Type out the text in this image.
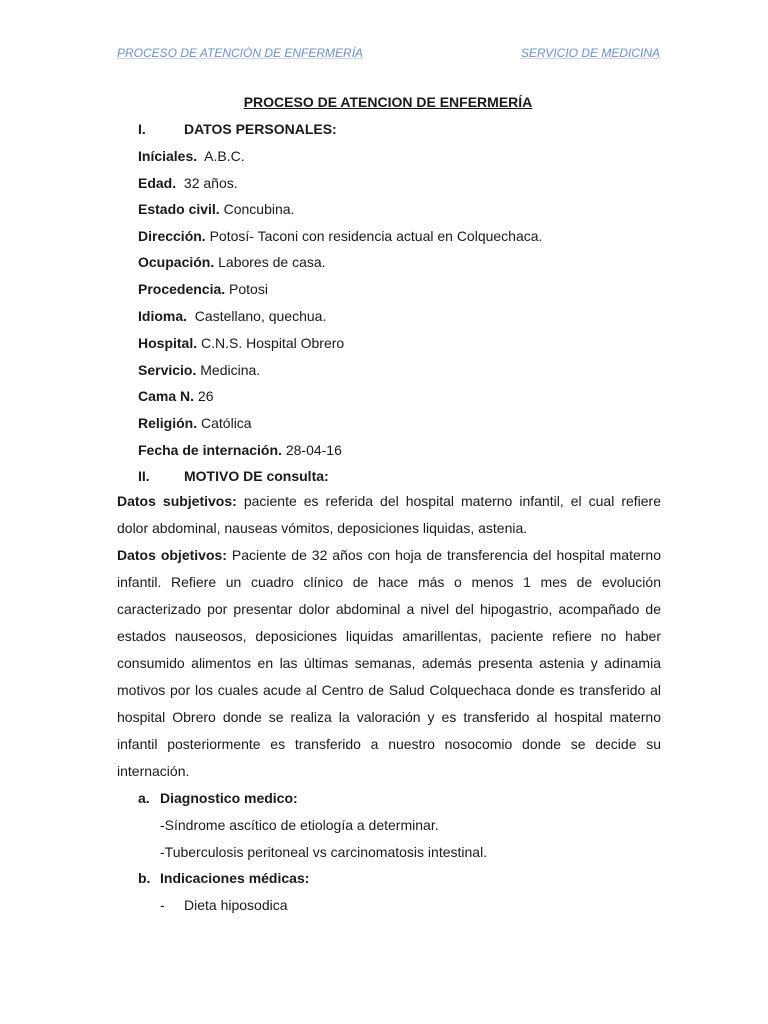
PROCESO DE ATENCIÓN DE ENFERMERÍA	SERVICIO DE MEDICINA
PROCESO DE ATENCION DE ENFERMERÍA
I.	DATOS PERSONALES:
Iníciales. A.B.C.
Edad. 32 años.
Estado civil. Concubina.
Dirección. Potosí- Taconi con residencia actual en Colquechaca.
Ocupación. Labores de casa.
Procedencia. Potosi
Idioma. Castellano, quechua.
Hospital. C.N.S. Hospital Obrero
Servicio. Medicina.
Cama N. 26
Religión. Católica
Fecha de internación. 28-04-16
II. MOTIVO DE consulta:
Datos subjetivos: paciente es referida del hospital materno infantil, el cual refiere dolor abdominal, nauseas vómitos, deposiciones liquidas, astenia.
Datos objetivos: Paciente de 32 años con hoja de transferencia del hospital materno infantil. Refiere un cuadro clínico de hace más o menos 1 mes de evolución caracterizado por presentar dolor abdominal a nivel del hipogastrio, acompañado de estados nauseosos, deposiciones liquidas amarillentas, paciente refiere no haber consumido alimentos en las últimas semanas, además presenta astenia y adinamia motivos por los cuales acude al Centro de Salud Colquechaca donde es transferido al hospital Obrero donde se realiza la valoración y es transferido al hospital materno infantil posteriormente es transferido a nuestro nosocomio donde se decide su internación.
a. Diagnostico medico:
-Síndrome ascítico de etiología a determinar.
-Tuberculosis peritoneal vs carcinomatosis intestinal.
b. Indicaciones médicas:
- Dieta hiposodica
